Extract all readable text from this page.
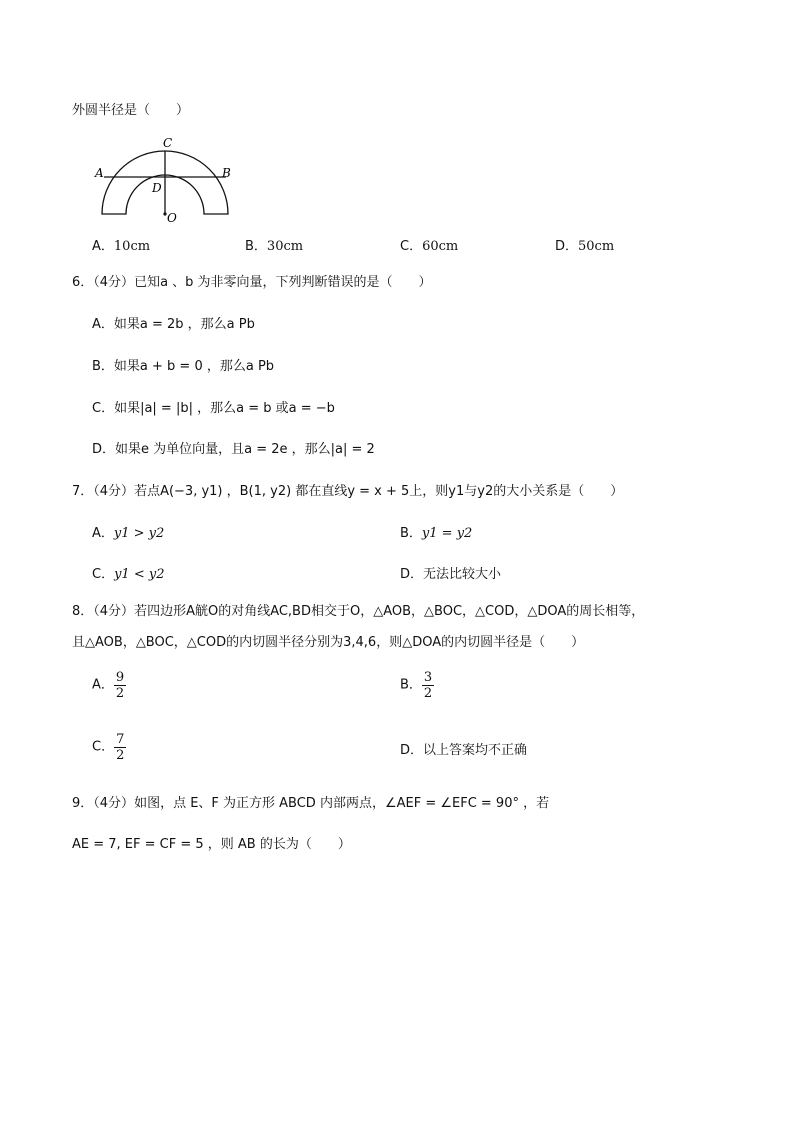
外圆半径是（　　）
C
A	B
D
O
A．10cm	B．30cm	C．60cm	D．50cm
6．（4分）已知a 、b 为非零向量，下列判断错误的是（　　）
A．如果a = 2b ，那么a Pb
B．如果a + b = 0 ，那么a Pb
C．如果|a| = |b| ，那么a = b 或a = −b
D．如果e 为单位向量，且a = 2e ，那么|a| = 2
7．（4分）若点A(−3, y1) ，B(1, y2) 都在直线y = x + 5上，则y1与y2的大小关系是（　　）
A．y1 > y2	B．y1 = y2
C．y1 < y2	D．无法比较大小
8．（4分）若四边形A觥O的对角线AC,BD相交于O，△AOB，△BOC，△COD，△DOA的周长相等，
且△AOB，△BOC，△COD的内切圆半径分别为3,4,6，则△DOA的内切圆半径是（　　）
A． $\frac{9}{2}$	B． $\frac{3}{2}$
C． $\frac{7}{2}$	D．以上答案均不正确
9．（4分）如图，点 E、F 为正方形 ABCD 内部两点，∠AEF = ∠EFC = 90° ，若
AE = 7, EF = CF = 5 ，则 AB 的长为（　　）
